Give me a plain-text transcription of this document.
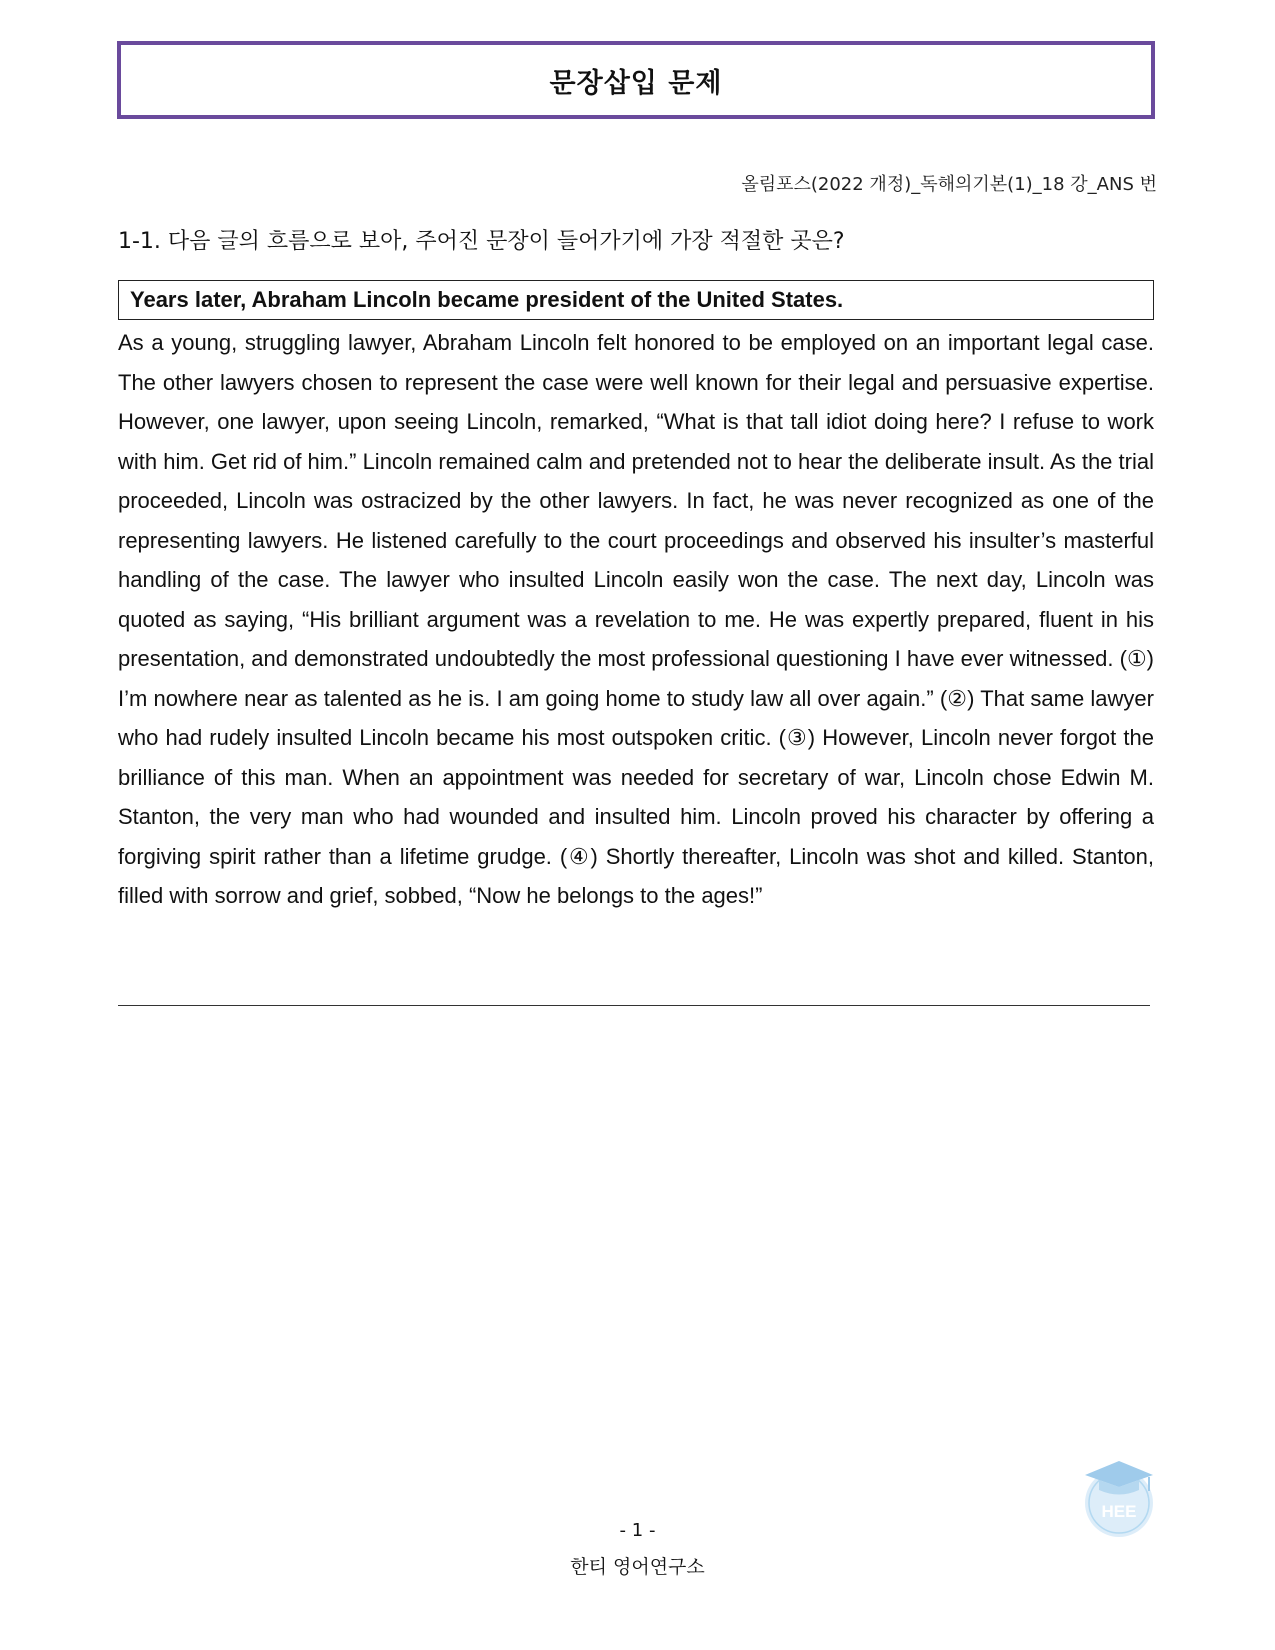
문장삽입 문제
올림포스(2022 개정)_독해의기본(1)_18 강_ANS 번
1-1. 다음 글의 흐름으로 보아, 주어진 문장이 들어가기에 가장 적절한 곳은?
Years later, Abraham Lincoln became president of the United States.

As a young, struggling lawyer, Abraham Lincoln felt honored to be employed on an important legal case. The other lawyers chosen to represent the case were well known for their legal and persuasive expertise. However, one lawyer, upon seeing Lincoln, remarked, “What is that tall idiot doing here? I refuse to work with him. Get rid of him.” Lincoln remained calm and pretended not to hear the deliberate insult. As the trial proceeded, Lincoln was ostracized by the other lawyers. In fact, he was never recognized as one of the representing lawyers. He listened carefully to the court proceedings and observed his insulter’s masterful handling of the case. The lawyer who insulted Lincoln easily won the case. The next day, Lincoln was quoted as saying, “His brilliant argument was a revelation to me. He was expertly prepared, fluent in his presentation, and demonstrated undoubtedly the most professional questioning I have ever witnessed. (①) I’m nowhere near as talented as he is. I am going home to study law all over again.” (②) That same lawyer who had rudely insulted Lincoln became his most outspoken critic. (③) However, Lincoln never forgot the brilliance of this man. When an appointment was needed for secretary of war, Lincoln chose Edwin M. Stanton, the very man who had wounded and insulted him. Lincoln proved his character by offering a forgiving spirit rather than a lifetime grudge. (④) Shortly thereafter, Lincoln was shot and killed. Stanton, filled with sorrow and grief, sobbed, “Now he belongs to the ages!”

- 1 -
한티 영어연구소
HEE
